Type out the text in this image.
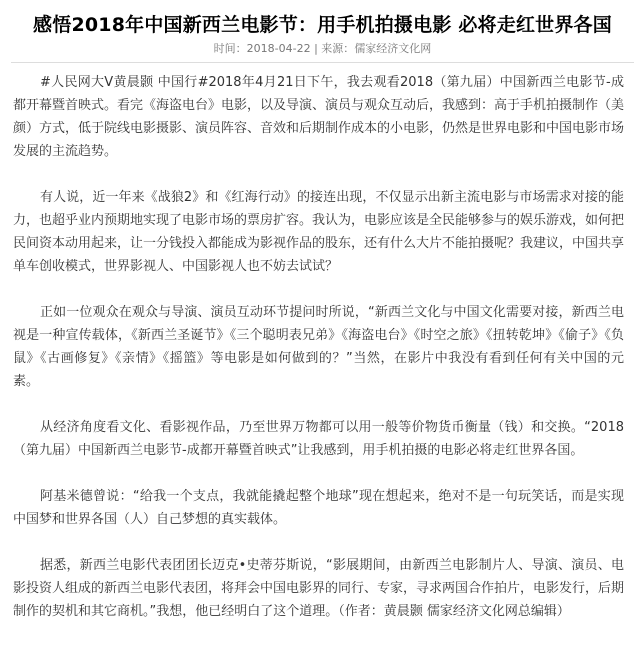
感悟2018年中国新西兰电影节：用手机拍摄电影 必将走红世界各国
时间：2018-04-22 | 来源：儒家经济文化网

#人民网大V黄晨颢 中国行#2018年4月21日下午，我去观看2018（第九届）中国新西兰电影节-成都开幕暨首映式。看完《海盗电台》电影，以及导演、演员与观众互动后，我感到：高于手机拍摄制作（美颜）方式，低于院线电影摄影、演员阵容、音效和后期制作成本的小电影，仍然是世界电影和中国电影市场发展的主流趋势。

有人说，近一年来《战狼2》和《红海行动》的接连出现，不仅显示出新主流电影与市场需求对接的能力，也超乎业内预期地实现了电影市场的票房扩容。我认为，电影应该是全民能够参与的娱乐游戏，如何把民间资本动用起来，让一分钱投入都能成为影视作品的股东，还有什么大片不能拍摄呢？我建议，中国共享单车创收模式，世界影视人、中国影视人也不妨去试试？

正如一位观众在观众与导演、演员互动环节提问时所说，“新西兰文化与中国文化需要对接，新西兰电视是一种宣传载体，《新西兰圣诞节》《三个聪明表兄弟》《海盗电台》《时空之旅》《扭转乾坤》《偷子》《负鼠》《古画修复》《亲情》《摇篮》等电影是如何做到的？”当然，在影片中我没有看到任何有关中国的元素。

从经济角度看文化、看影视作品，乃至世界万物都可以用一般等价物货币衡量（钱）和交换。“2018（第九届）中国新西兰电影节-成都开幕暨首映式”让我感到，用手机拍摄的电影必将走红世界各国。

阿基米德曾说：“给我一个支点，我就能撬起整个地球”现在想起来，绝对不是一句玩笑话，而是实现中国梦和世界各国（人）自己梦想的真实载体。

据悉，新西兰电影代表团团长迈克•史蒂芬斯说，“影展期间，由新西兰电影制片人、导演、演员、电影投资人组成的新西兰电影代表团，将拜会中国电影界的同行、专家，寻求两国合作拍片，电影发行，后期制作的契机和其它商机。”我想，他已经明白了这个道理。（作者：黄晨颢 儒家经济文化网总编辑）
